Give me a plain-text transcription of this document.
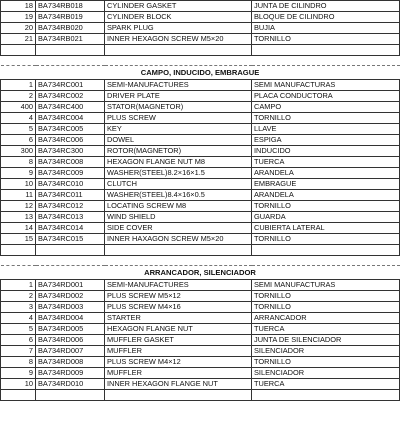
18	BA734RB018	CYLINDER GASKET	JUNTA DE CILINDRO
19	BA734RB019	CYLINDER BLOCK	BLOQUE DE CILINDRO
20	BA734RB020	SPARK PLUG	BUJIA
21	BA734RB021	INNER HEXAGON SCREW M5×20	TORNILLO

CAMPO, INDUCIDO, EMBRAGUE			
1	BA734RC001	SEMI-MANUFACTURES	SEMI MANUFACTURAS
2	BA734RC002	DRIVER PLATE	PLACA CONDUCTORA
400	BA734RC400	STATOR(MAGNETOR)	CAMPO
4	BA734RC004	PLUS SCREW	TORNILLO
5	BA734RC005	KEY	LLAVE
6	BA734RC006	DOWEL	ESPIGA
300	BA734RC300	ROTOR(MAGNETOR)	INDUCIDO
8	BA734RC008	HEXAGON FLANGE NUT M8	TUERCA
9	BA734RC009	WASHER(STEEL)8.2×16×1.5	ARANDELA
10	BA734RC010	CLUTCH	EMBRAGUE
11	BA734RC011	WASHER(STEEL)8.4×16×0.5	ARANDELA
12	BA734RC012	LOCATING SCREW M8	TORNILLO
13	BA734RC013	WIND SHIELD	GUARDA
14	BA734RC014	SIDE COVER	CUBIERTA LATERAL
15	BA734RC015	INNER HAXAGON SCREW M5×20	TORNILLO

ARRANCADOR, SILENCIADOR			
1	BA734RD001	SEMI-MANUFACTURES	SEMI MANUFACTURAS
2	BA734RD002	PLUS SCREW M5×12	TORNILLO
3	BA734RD003	PLUS SCREW M4×16	TORNILLO
4	BA734RD004	STARTER	ARRANCADOR
5	BA734RD005	HEXAGON FLANGE NUT	TUERCA
6	BA734RD006	MUFFLER GASKET	JUNTA DE SILENCIADOR
7	BA734RD007	MUFFLER	SILENCIADOR
8	BA734RD008	PLUS SCREW M4×12	TORNILLO
9	BA734RD009	MUFFLER	SILENCIADOR
10	BA734RD010	INNER HEXAGON FLANGE NUT	TUERCA
